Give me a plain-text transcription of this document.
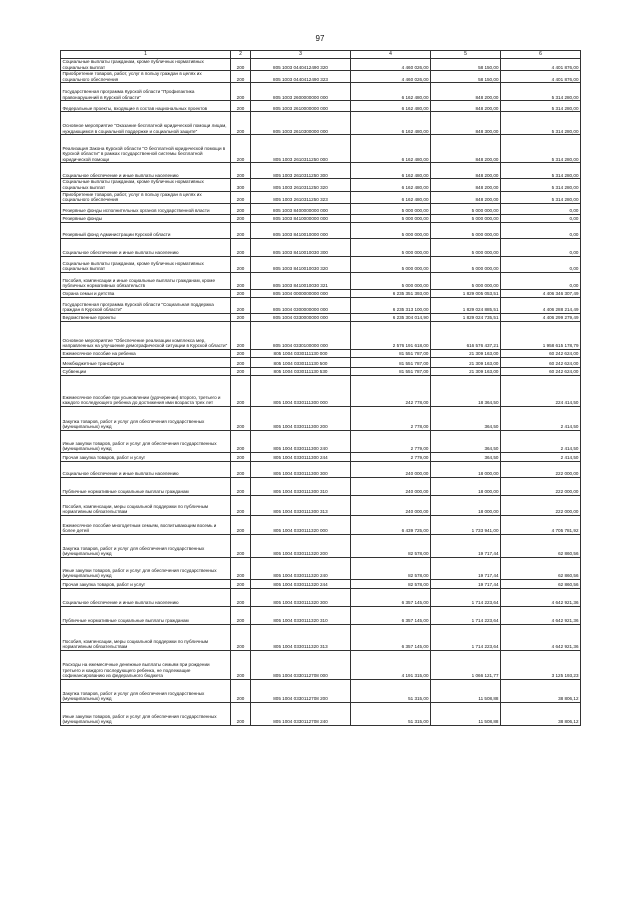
97
1	2	3	4	5	6
Социальные выплаты гражданам, кроме публичных нормативных социальных выплат	200	805 1003 0440412490 320	4 460 026,00	58 150,00	4 401 876,00
Приобретение товаров, работ, услуг в пользу граждан в целях их социального обеспечения	200	805 1003 0440412490 323	4 460 026,00	58 150,00	4 401 876,00
Государственная программа Курской области "Профилактика правонарушений в Курской области"	200	805 1003 2600000000 000	6 162 480,00	848 200,00	5 314 280,00
Федеральные проекты, входящие в состав национальных проектов	200	805 1003 2610000000 000	6 162 480,00	848 200,00	5 314 280,00
Основное мероприятие "Оказание бесплатной юридической помощи лицам, нуждающимся в социальной поддержке и социальной защите"	200	805 1003 2610300000 000	6 162 480,00	848 300,00	5 314 280,00
Реализация Закона Курской области "О бесплатной юридической помощи в Курской области" в рамках государственной системы бесплатной юридической помощи	200	805 1003 2610311250 000	6 162 480,00	848 200,00	5 314 280,00
Социальное обеспечение и иные выплаты населению	200	805 1003 2610311250 300	6 162 480,00	848 200,00	5 314 280,00
Социальные выплаты гражданам, кроме публичных нормативных социальных выплат	300	805 1003 2610311250 320	6 162 480,00	848 200,00	5 314 280,00
Приобретение товаров, работ, услуг в пользу граждан в целях их социального обеспечения	200	805 1003 2610311250 323	6 162 480,00	848 200,00	5 314 280,00
Резервные фонды исполнительных органов государственной власти	200	805 1003 8400000000 000	5 000 000,00	5 000 000,00	0,00
Резервные фонды	200	805 1003 8410000000 000	5 000 000,00	5 000 000,00	0,00
Резервный фонд Администрации Курской области	200	805 1003 8410010000 000	5 000 000,00	5 000 000,00	0,00
Социальное обеспечение и иные выплаты населению	200	805 1003 8410010030 300	5 000 000,00	5 000 000,00	0,00
Социальные выплаты гражданам, кроме публичных нормативных социальных выплат	200	805 1003 8410010030 320	5 000 000,00	5 000 000,00	0,00
Пособия, компенсации и иные социальные выплаты гражданам, кроме публичных нормативных обязательств	200	805 1003 8410010030 321	5 000 000,00	5 000 000,00	0,00
Охрана семьи и детства	200	805 1004 0000000000 000	6 235 351 393,00	1 829 005 053,51	4 406 346 307,49
Государственная программа Курской области "Социальная поддержка граждан в Курской области"	200	805 1004 0300000000 000	6 235 313 100,00	1 829 024 885,51	4 406 288 214,49
Ведомственные проекты	200	805 1004 0330000000 000	6 235 304 014,90	1 829 024 735,51	4 406 299 279,49
Основное мероприятие "Обеспечение реализации комплекса мер, направленных на улучшение демографической ситуации в Курской области"	200	805 1004 0330100000 000	2 576 191 618,00	616 576 437,21	1 958 615 178,79
Ежемесячное пособие на ребенка	200	805 1004 0330111130 000	81 551 787,00	21 309 163,00	60 242 624,00
Межбюджетные трансферты	200	805 1004 0330111130 500	81 551 787,00	21 309 163,00	60 242 624,00
Субвенции	200	805 1004 0330111130 530	81 551 787,00	21 309 163,00	60 242 624,00
Ежемесячное пособие при усыновлении (удочерении) второго, третьего и каждого последующего ребенка до достижения ими возраста трех лет	200	805 1004 0330111300 000	242 778,00	18 364,50	224 414,50
Закупка товаров, работ и услуг для обеспечения государственных (муниципальных) нужд	200	805 1004 0330111300 200	2 778,00	364,50	2 414,50
Иные закупки товаров, работ и услуг для обеспечения государственных (муниципальных) нужд	200	805 1004 0330111300 240	2 779,00	364,50	2 414,50
Прочая закупка товаров, работ и услуг	200	805 1004 0330111300 244	2 779,00	364,50	2 414,50
Социальное обеспечение и иные выплаты населению	200	805 1004 0330111300 300	240 000,00	18 000,00	222 000,00
Публичные нормативные социальные выплаты гражданам	200	805 1004 0330111300 310	240 000,00	18 000,00	222 000,00
Пособия, компенсации, меры социальной поддержки по публичным нормативным обязательствам	200	805 1004 0330111300 313	240 000,00	18 000,00	222 000,00
Ежемесячное пособие многодетным семьям, воспитывающим восемь и более детей	200	805 1004 0330111320 000	6 439 725,00	1 733 941,00	4 705 781,92
Закупка товаров, работ и услуг для обеспечения государственных (муниципальных) нужд	200	805 1004 0330111320 200	82 578,00	19 717,44	62 860,56
Иные закупки товаров, работ и услуг для обеспечения государственных (муниципальных) нужд	200	805 1004 0330111320 240	82 578,00	19 717,44	62 860,56
Прочая закупка товаров, работ и услуг	200	805 1004 0330111320 244	82 578,00	19 717,44	62 860,56
Социальное обеспечение и иные выплаты населению	200	805 1004 0330111320 300	6 357 145,00	1 714 223,64	4 642 921,36
Публичные нормативные социальные выплаты гражданам	200	805 1004 0330111320 310	6 357 145,00	1 714 223,64	4 642 921,36
Пособия, компенсации, меры социальной поддержки по публичным нормативным обязательствам	200	805 1004 0330111320 313	6 357 145,00	1 714 223,64	4 642 921,36
Расходы на ежемесячные денежные выплаты семьям при рождении третьего и каждого последующего ребенка, не подлежащие софинансированию из федерального бюджета	200	805 1004 0330112708 000	4 191 315,00	1 066 121,77	3 125 193,23
Закупка товаров, работ и услуг для обеспечения государственных (муниципальных) нужд	200	805 1004 0330112708 200	51 315,00	11 508,88	38 806,12
Иные закупки товаров, работ и услуг для обеспечения государственных (муниципальных) нужд	200	805 1004 0330112708 240	51 315,00	11 508,88	38 806,12
